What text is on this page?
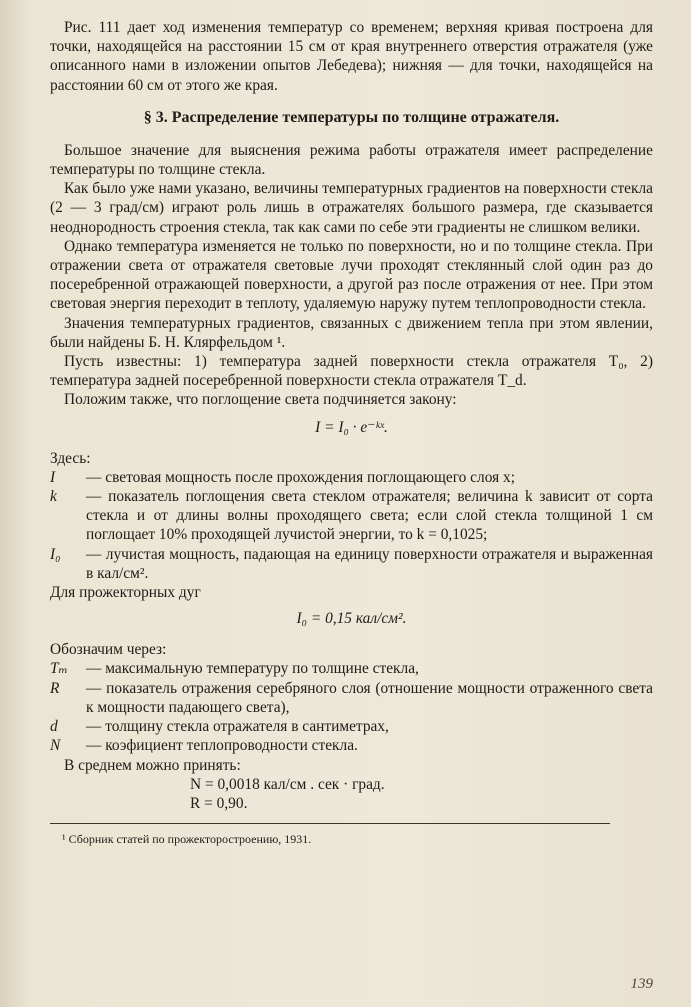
Рис. 111 дает ход изменения температур со временем; верхняя кривая построена для точки, находящейся на расстоянии 15 см от края внутреннего отверстия отражателя (уже описанного нами в изложении опытов Лебедева); нижняя — для точки, находящейся на расстоянии 60 см от этого же края.

§ 3. Распределение температуры по толщине отражателя.

Большое значение для выяснения режима работы отражателя имеет распределение температуры по толщине стекла.

Как было уже нами указано, величины температурных градиентов на поверхности стекла (2 — 3 град/см) играют роль лишь в отражателях большого размера, где сказывается неоднородность строения стекла, так как сами по себе эти градиенты не слишком велики.

Однако температура изменяется не только по поверхности, но и по толщине стекла. При отражении света от отражателя световые лучи проходят стеклянный слой один раз до посеребренной отражающей поверхности, а другой раз после отражения от нее. При этом световая энергия переходит в теплоту, удаляемую наружу путем теплопроводности стекла.

Значения температурных градиентов, связанных с движением тепла при этом явлении, были найдены Б. Н. Клярфельдом ¹.

Пусть известны: 1) температура задней поверхности стекла отражателя T₀, 2) температура задней посеребренной поверхности стекла отражателя T_d.

Положим также, что поглощение света подчиняется закону:

I = I₀ · e⁻ᵏˣ.

Здесь:

I — световая мощность после прохождения поглощающего слоя x;
k — показатель поглощения света стеклом отражателя; величина k зависит от сорта стекла и от длины волны проходящего света; если слой стекла толщиной 1 см поглощает 10% проходящей лучистой энергии, то k = 0,1025;
I₀ — лучистая мощность, падающая на единицу поверхности отражателя и выраженная в кал/см².

Для прожекторных дуг

I₀ = 0,15 кал/см².

Обозначим через:

Tₘ — максимальную температуру по толщине стекла,
R — показатель отражения серебряного слоя (отношение мощности отраженного света к мощности падающего света),
d — толщину стекла отражателя в сантиметрах,
N — коэфициент теплопроводности стекла.

В среднем можно принять:

N = 0,0018 кал/см . сек · град.
R = 0,90.
¹ Сборник статей по прожекторостроению, 1931.
139
